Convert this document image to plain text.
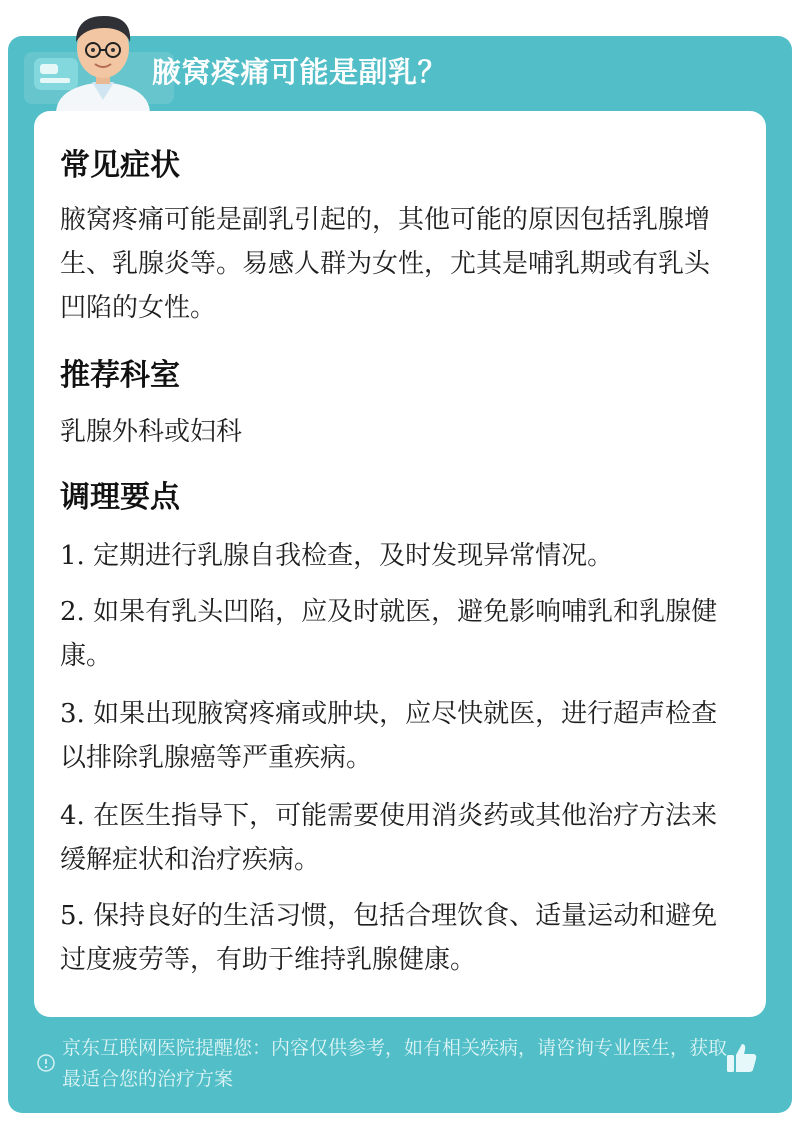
腋窝疼痛可能是副乳？
常见症状
腋窝疼痛可能是副乳引起的，其他可能的原因包括乳腺增生、乳腺炎等。易感人群为女性，尤其是哺乳期或有乳头凹陷的女性。
推荐科室
乳腺外科或妇科
调理要点
1. 定期进行乳腺自我检查，及时发现异常情况。
2. 如果有乳头凹陷，应及时就医，避免影响哺乳和乳腺健康。
3. 如果出现腋窝疼痛或肿块，应尽快就医，进行超声检查以排除乳腺癌等严重疾病。
4. 在医生指导下，可能需要使用消炎药或其他治疗方法来缓解症状和治疗疾病。
5. 保持良好的生活习惯，包括合理饮食、适量运动和避免过度疲劳等，有助于维持乳腺健康。
京东互联网医院提醒您：内容仅供参考，如有相关疾病，请咨询专业医生，获取最适合您的治疗方案
